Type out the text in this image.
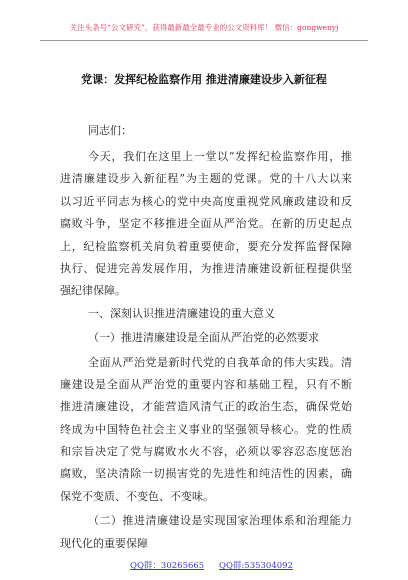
关注头条号“公文研究”，获得最新最全最专业的公文资料库！ 微信：gongwenyj
党课：发挥纪检监察作用 推进清廉建设步入新征程
同志们：
今天，我们在这里上一堂以“发挥纪检监察作用，推
进清廉建设步入新征程”为主题的党课。党的十八大以来
以习近平同志为核心的党中央高度重视党风廉政建设和反
腐败斗争，坚定不移推进全面从严治党。在新的历史起点
上，纪检监察机关肩负着重要使命，要充分发挥监督保障
执行、促进完善发展作用，为推进清廉建设新征程提供坚
强纪律保障。
一、深刻认识推进清廉建设的重大意义
（一）推进清廉建设是全面从严治党的必然要求
全面从严治党是新时代党的自我革命的伟大实践。清
廉建设是全面从严治党的重要内容和基础工程，只有不断
推进清廉建设，才能营造风清气正的政治生态，确保党始
终成为中国特色社会主义事业的坚强领导核心。党的性质
和宗旨决定了党与腐败水火不容，必须以零容忍态度惩治
腐败，坚决清除一切损害党的先进性和纯洁性的因素，确
保党不变质、不变色、不变味。
（二）推进清廉建设是实现国家治理体系和治理能力
现代化的重要保障
QQ群：30265665 QQ群:535304092
